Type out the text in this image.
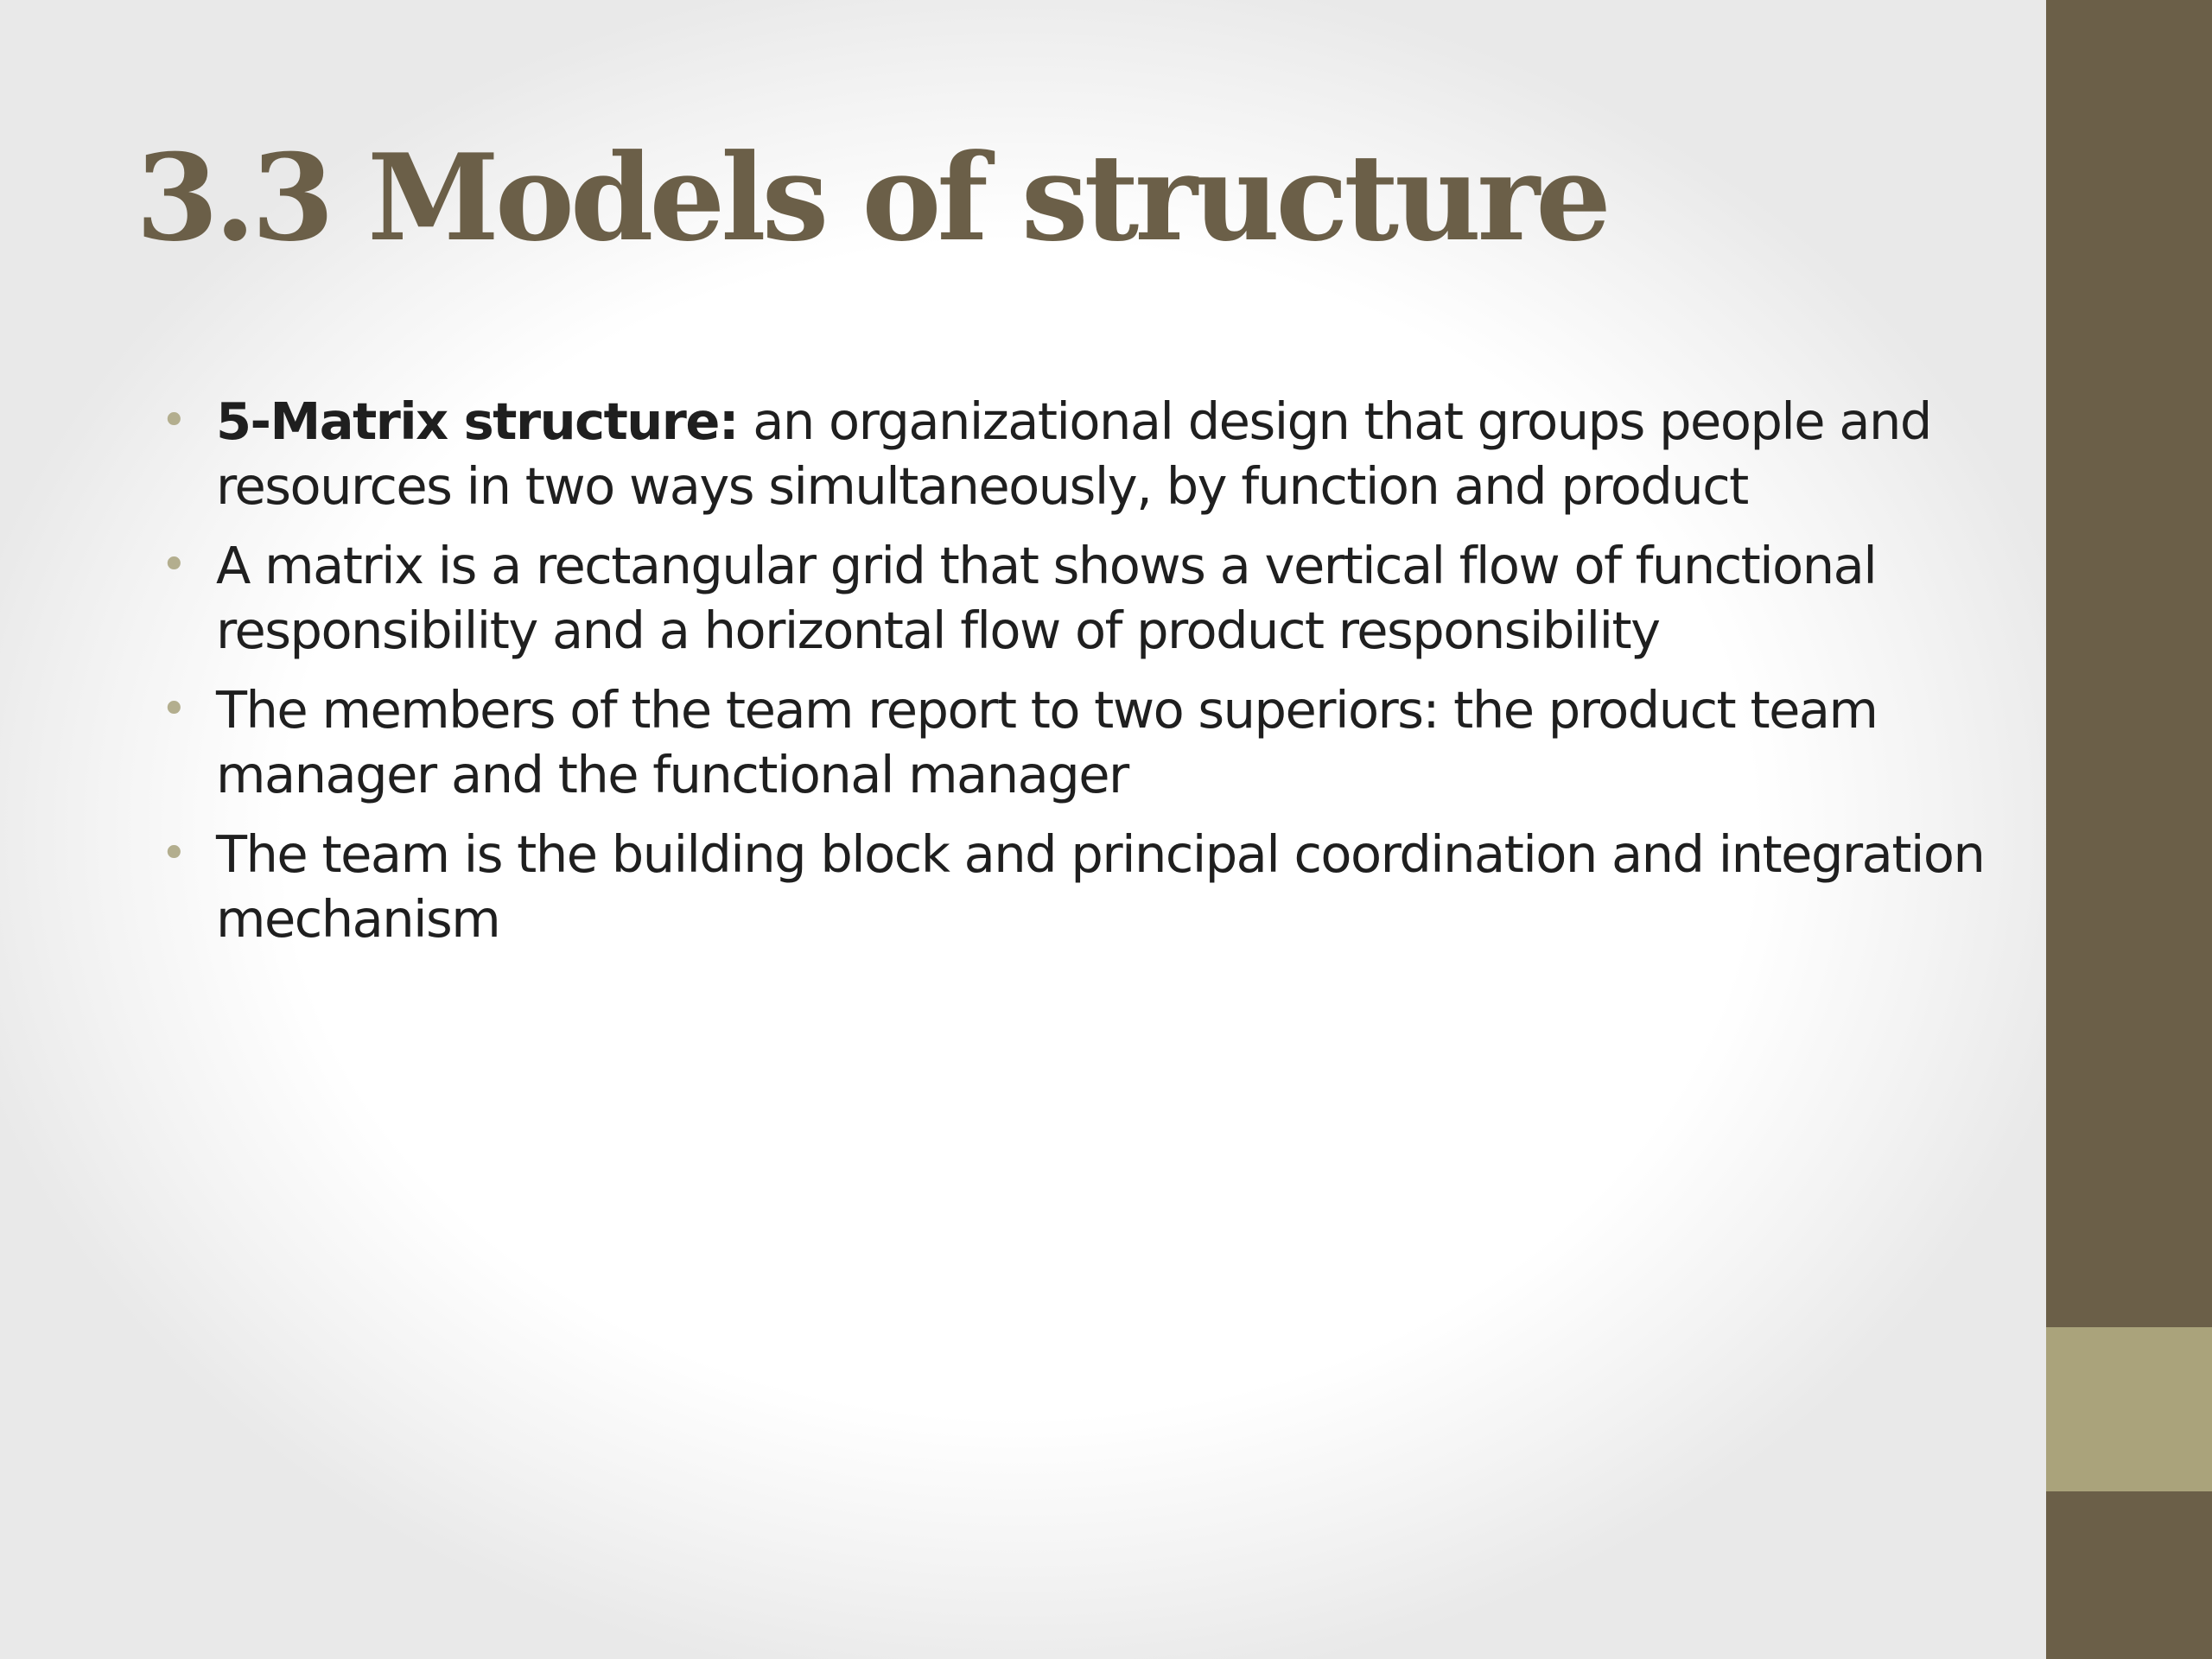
3.3 Models of structure
• 5-Matrix structure: an organizational design that groups people and resources in two ways simultaneously, by function and product
• A matrix is a rectangular grid that shows a vertical flow of functional responsibility and a horizontal flow of product responsibility
• The members of the team report to two superiors: the product team manager and the functional manager
• The team is the building block and principal coordination and integration mechanism
